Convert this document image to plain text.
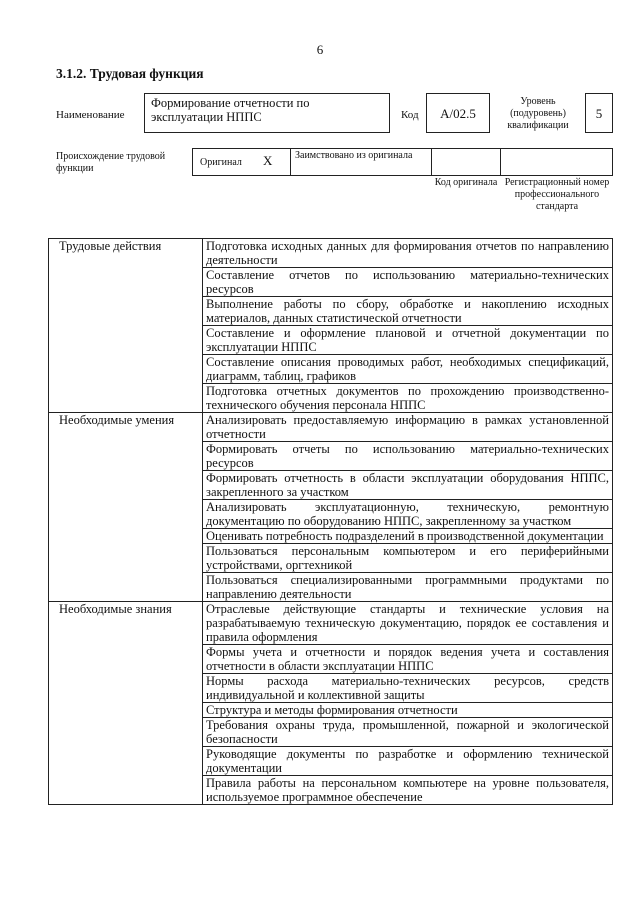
6
3.1.2. Трудовая функция
Наименование
Формирование отчетности по эксплуатации НППС	Код	А/02.5
Уровень (подуровень) квалификации
5
Происхождение трудовой функции
Оригинал X Заимствовано из оригинала
Код оригинала Регистрационный номер профессионального стандарта
Трудовые действия	Подготовка исходных данных для формирования отчетов по направлению деятельности
	Составление отчетов по использованию материально-технических ресурсов
	Выполнение работы по сбору, обработке и накоплению исходных материалов, данных статистической отчетности
	Составление и оформление плановой и отчетной документации по эксплуатации НППС
	Составление описания проводимых работ, необходимых спецификаций, диаграмм, таблиц, графиков
	Подготовка отчетных документов по прохождению производственно-технического обучения персонала НППС
Необходимые умения	Анализировать предоставляемую информацию в рамках установленной отчетности
	Формировать отчеты по использованию материально-технических ресурсов
	Формировать отчетность в области эксплуатации оборудования НППС, закрепленного за участком
	Анализировать эксплуатационную, техническую, ремонтную документацию по оборудованию НППС, закрепленному за участком
	Оценивать потребность подразделений в производственной документации
	Пользоваться персональным компьютером и его периферийными устройствами, оргтехникой
	Пользоваться специализированными программными продуктами по направлению деятельности
Необходимые знания	Отраслевые действующие стандарты и технические условия на разрабатываемую техническую документацию, порядок ее составления и правила оформления
	Формы учета и отчетности и порядок ведения учета и составления отчетности в области эксплуатации НППС
	Нормы расхода материально-технических ресурсов, средств индивидуальной и коллективной защиты
	Структура и методы формирования отчетности
	Требования охраны труда, промышленной, пожарной и экологической безопасности
	Руководящие документы по разработке и оформлению технической документации
	Правила работы на персональном компьютере на уровне пользователя, используемое программное обеспечение
